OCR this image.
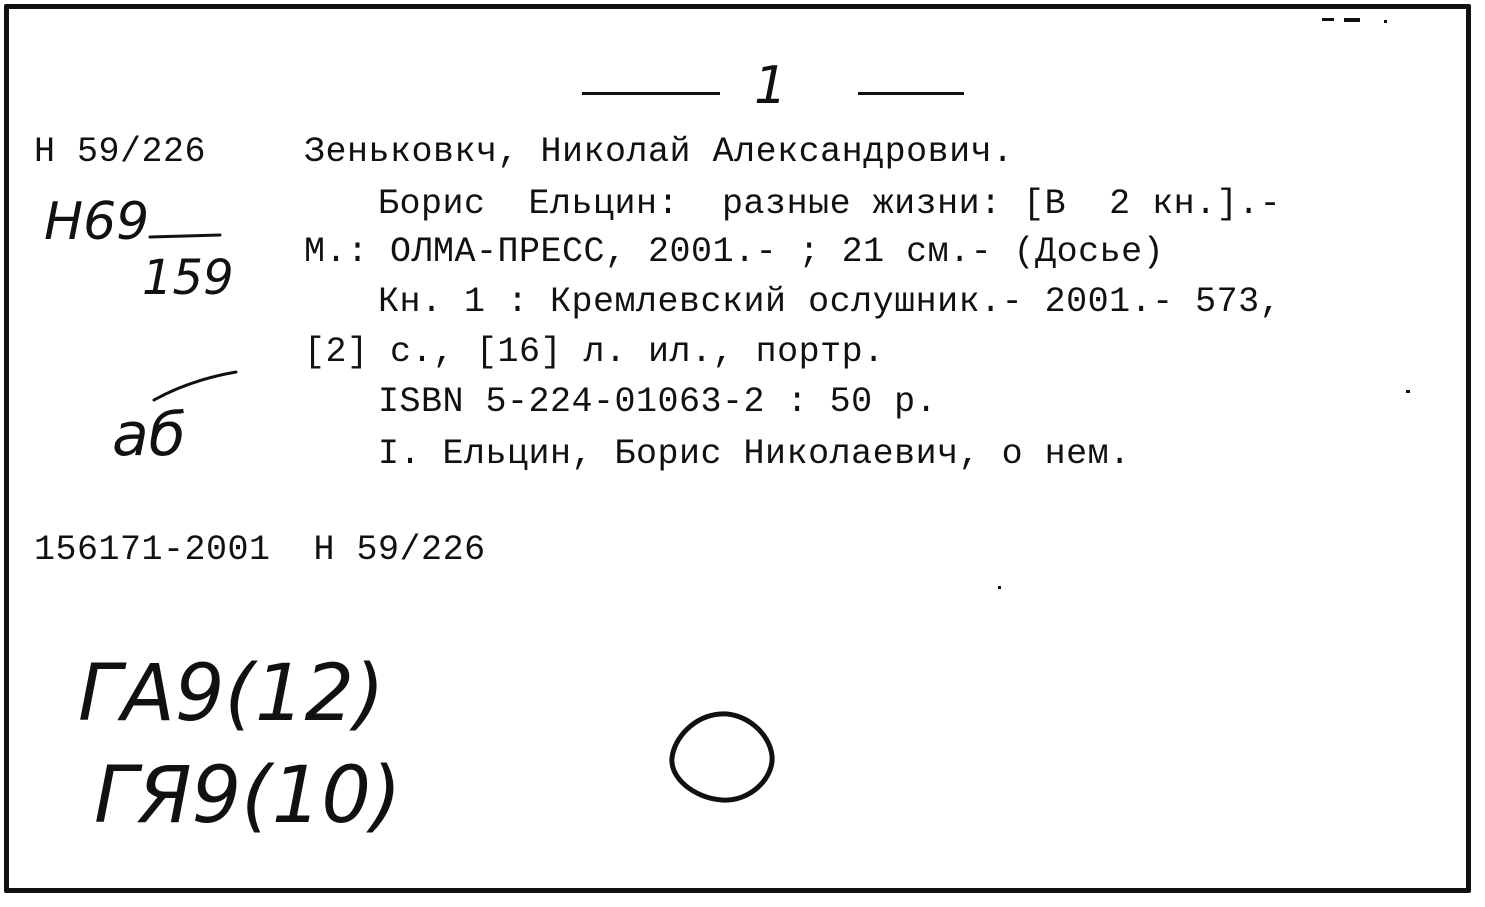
1
Н 59/226	Зеньковкч, Николай Александрович.
Борис  Ельцин:  разные жизни: [В  2 кн.].-
М.: ОЛМА-ПРЕСС, 2001.- ; 21 см.- (Досье)
Кн. 1 : Кремлевский ослушник.- 2001.- 573,
[2] с., [16] л. ил., портр.
ISBN 5-224-01063-2 : 50 р.
I. Ельцин, Борис Николаевич, о нем.
156171-2001  Н 59/226
Н69
159
аб
ГА9(12)
ГЯ9(10)
